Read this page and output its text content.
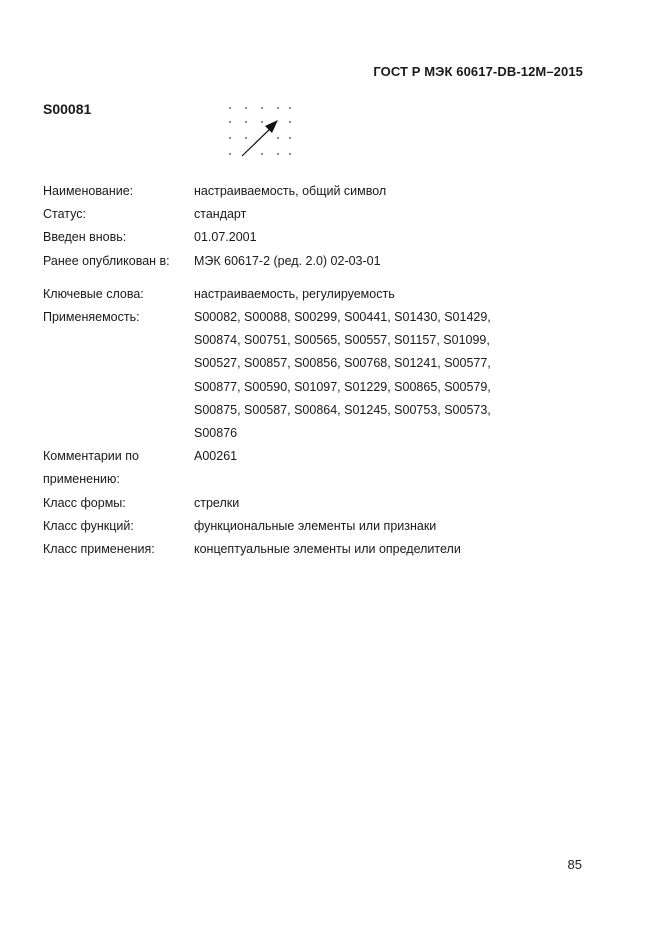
ГОСТ Р МЭК 60617-DB-12M–2015
S00081
Наименование:	настраиваемость, общий символ
Статус:	стандарт
Введен вновь:	01.07.2001
Ранее опубликован в:	МЭК 60617-2 (ред. 2.0) 02-03-01
Ключевые слова:	настраиваемость, регулируемость
Применяемость:	S00082, S00088, S00299, S00441, S01430, S01429,
S00874, S00751, S00565, S00557, S01157, S01099,
S00527, S00857, S00856, S00768, S01241, S00577,
S00877, S00590, S01097, S01229, S00865, S00579,
S00875, S00587, S00864, S01245, S00753, S00573,
S00876
Комментарии по
применению:
A00261
Класс формы:	стрелки
Класс функций:	функциональные элементы или признаки
Класс применения:	концептуальные элементы или определители
85
